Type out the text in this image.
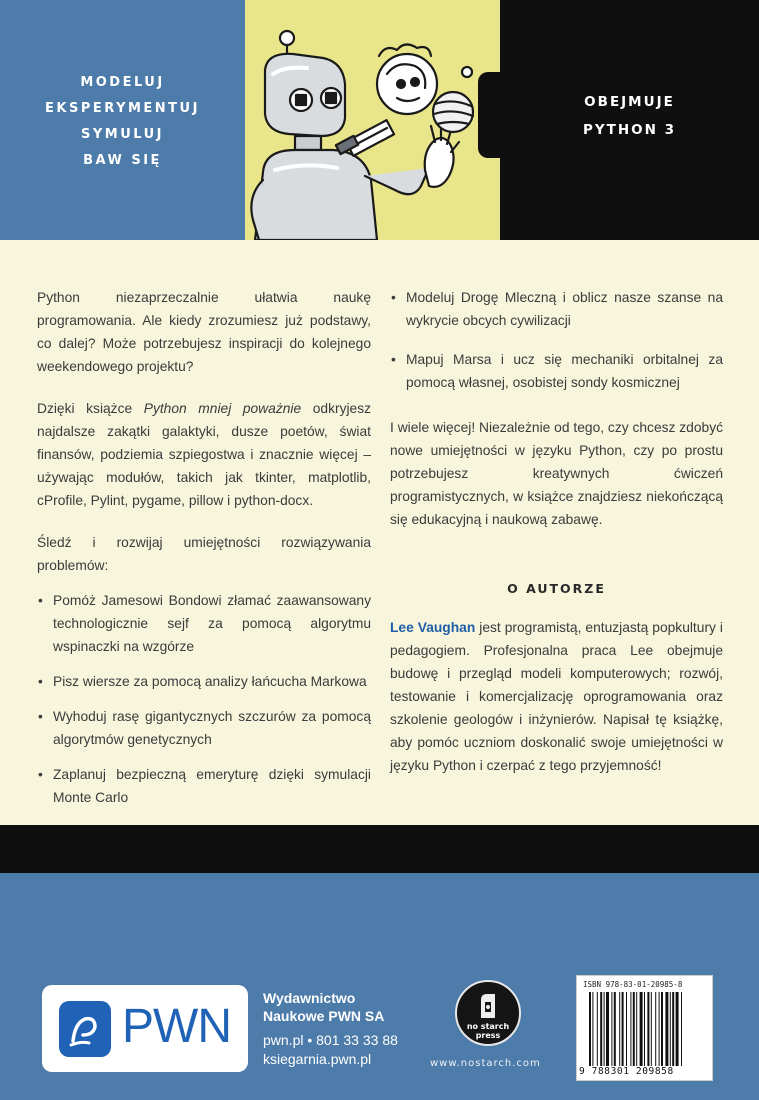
MODELUJ
EKSPERYMENTUJ
SYMULUJ
BAW SIĘ
OBEJMUJE
PYTHON 3

Python niezaprzeczalnie ułatwia naukę programowania. Ale kiedy zrozumiesz już podstawy, co dalej? Może potrzebujesz inspiracji do kolejnego weekendowego projektu?

Dzięki książce Python mniej poważnie odkryjesz najdalsze zakątki galaktyki, dusze poetów, świat finansów, podziemia szpiegostwa i znacznie więcej – używając modułów, takich jak tkinter, matplotlib, cProfile, Pylint, pygame, pillow i python-docx.

Śledź i rozwijaj umiejętności rozwiązywania problemów:

• Pomóż Jamesowi Bondowi złamać zaawansowany technologicznie sejf za pomocą algorytmu wspinaczki na wzgórze
• Pisz wiersze za pomocą analizy łańcucha Markowa
• Wyhoduj rasę gigantycznych szczurów za pomocą algorytmów genetycznych
• Zaplanuj bezpieczną emeryturę dzięki symulacji Monte Carlo
• Modeluj Drogę Mleczną i oblicz nasze szanse na wykrycie obcych cywilizacji
• Mapuj Marsa i ucz się mechaniki orbitalnej za pomocą własnej, osobistej sondy kosmicznej

I wiele więcej! Niezależnie od tego, czy chcesz zdobyć nowe umiejętności w języku Python, czy po prostu potrzebujesz kreatywnych ćwiczeń programistycznych, w książce znajdziesz niekończącą się edukacyjną i naukową zabawę.

O AUTORZE

Lee Vaughan jest programistą, entuzjastą popkultury i pedagogiem. Profesjonalna praca Lee obejmuje budowę i przegląd modeli komputerowych; rozwój, testowanie i komercjalizację oprogramowania oraz szkolenie geologów i inżynierów. Napisał tę książkę, aby pomóc uczniom doskonalić swoje umiejętności w języku Python i czerpać z tego przyjemność!

PWN
Wydawnictwo
Naukowe PWN SA
pwn.pl • 801 33 33 88
ksiegarnia.pwn.pl
no starch
press
www.nostarch.com
ISBN 978-83-01-20985-8
9 788301 209858
